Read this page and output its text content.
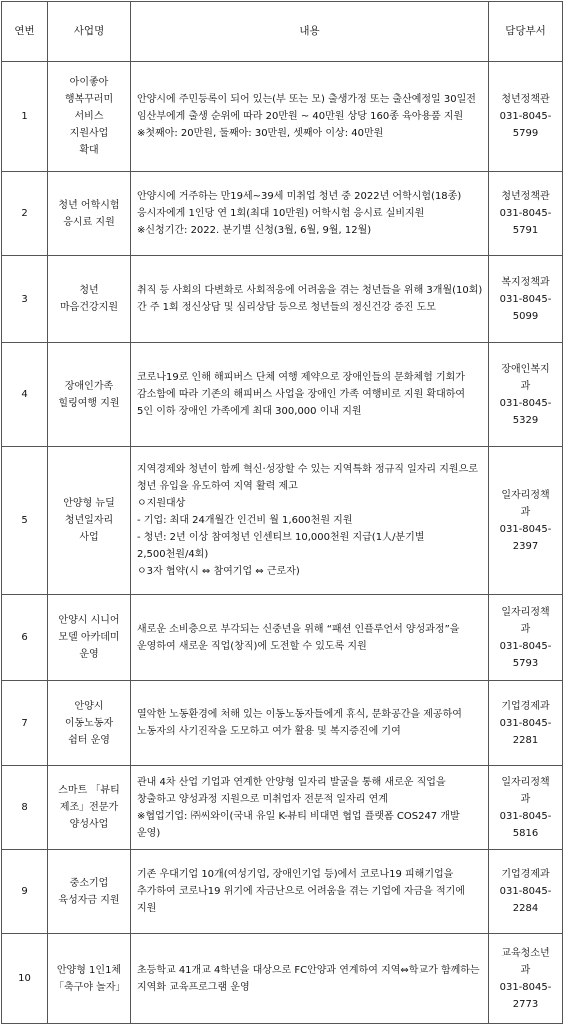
연번	사업명	내용	담당부서
1	아이좋아
행복꾸러미
서비스
지원사업
확대	안양시에 주민등록이 되어 있는(부 또는 모) 출생가정 또는 출산예정일 30일전 임산부에게 출생 순위에 따라 20만원 ~ 40만원 상당 160종 육아용품 지원
※첫째아: 20만원, 둘째아: 30만원, 셋째아 이상: 40만원	청년정책관
031-8045-
5799

2	청년 어학시험
응시료 지원	안양시에 거주하는 만19세~39세 미취업 청년 중 2022년 어학시험(18종) 응시자에게 1인당 연 1회(최대 10만원) 어학시험 응시료 실비지원
※신청기간: 2022. 분기별 신청(3월, 6월, 9월, 12월)	청년정책관
031-8045-
5791

3	청년
마음건강지원	취직 등 사회의 다변화로 사회적응에 어려움을 겪는 청년들을 위해 3개월(10회)간 주 1회 정신상담 및 심리상담 등으로 청년들의 정신건강 증진 도모	복지정책과
031-8045-
5099

4	장애인가족
힐링여행 지원	코로나19로 인해 해피버스 단체 여행 제약으로 장애인들의 문화체험 기회가 감소함에 따라 기존의 해피버스 사업을 장애인 가족 여행비로 지원 확대하여 5인 이하 장애인 가족에게 최대 300,000 이내 지원	장애인복지
과
031-8045-
5329

5	안양형 뉴딜
청년일자리
사업	지역경제와 청년이 함께 혁신·성장할 수 있는 지역특화 정규직 일자리 지원으로 청년 유입을 유도하여 지역 활력 제고
ㅇ지원대상
- 기업: 최대 24개월간 인건비 월 1,600천원 지원
- 청년: 2년 이상 참여청년 인센티브 10,000천원 지급(1人/분기별 2,500천원/4회)
ㅇ3자 협약(시 ⇔ 참여기업 ⇔ 근로자)	일자리정책
과
031-8045-
2397

6	안양시 시니어
모델 아카데미
운영	새로운 소비층으로 부각되는 신중년을 위해 “패션 인플루언서 양성과정”을 운영하여 새로운 직업(창직)에 도전할 수 있도록 지원	일자리정책
과
031-8045-
5793

7	안양시
이동노동자
쉼터 운영	열악한 노동환경에 처해 있는 이동노동자들에게 휴식, 문화공간을 제공하여 노동자의 사기진작을 도모하고 여가 활용 및 복지증진에 기여	기업경제과
031-8045-
2281

8	스마트 「뷰티
제조」전문가
양성사업	관내 4차 산업 기업과 연계한 안양형 일자리 발굴을 통해 새로운 직업을 창출하고 양성과정 지원으로 미취업자 전문적 일자리 연계
※협업기업: ㈜씨와이(국내 유일 K-뷰티 비대면 협업 플랫폼 COS247 개발 운영)	일자리정책
과
031-8045-
5816

9	중소기업
육성자금 지원	기존 우대기업 10개(여성기업, 장애인기업 등)에서 코로나19 피해기업을 추가하여 코로나19 위기에 자금난으로 어려움을 겪는 기업에 자금을 적기에 지원	기업경제과
031-8045-
2284

10	안양형 1인1체
「축구야 놀자」	초등학교 41개교 4학년을 대상으로 FC안양과 연계하여 지역⇔학교가 함께하는 지역화 교육프로그램 운영	교육청소년
과
031-8045-
2773
